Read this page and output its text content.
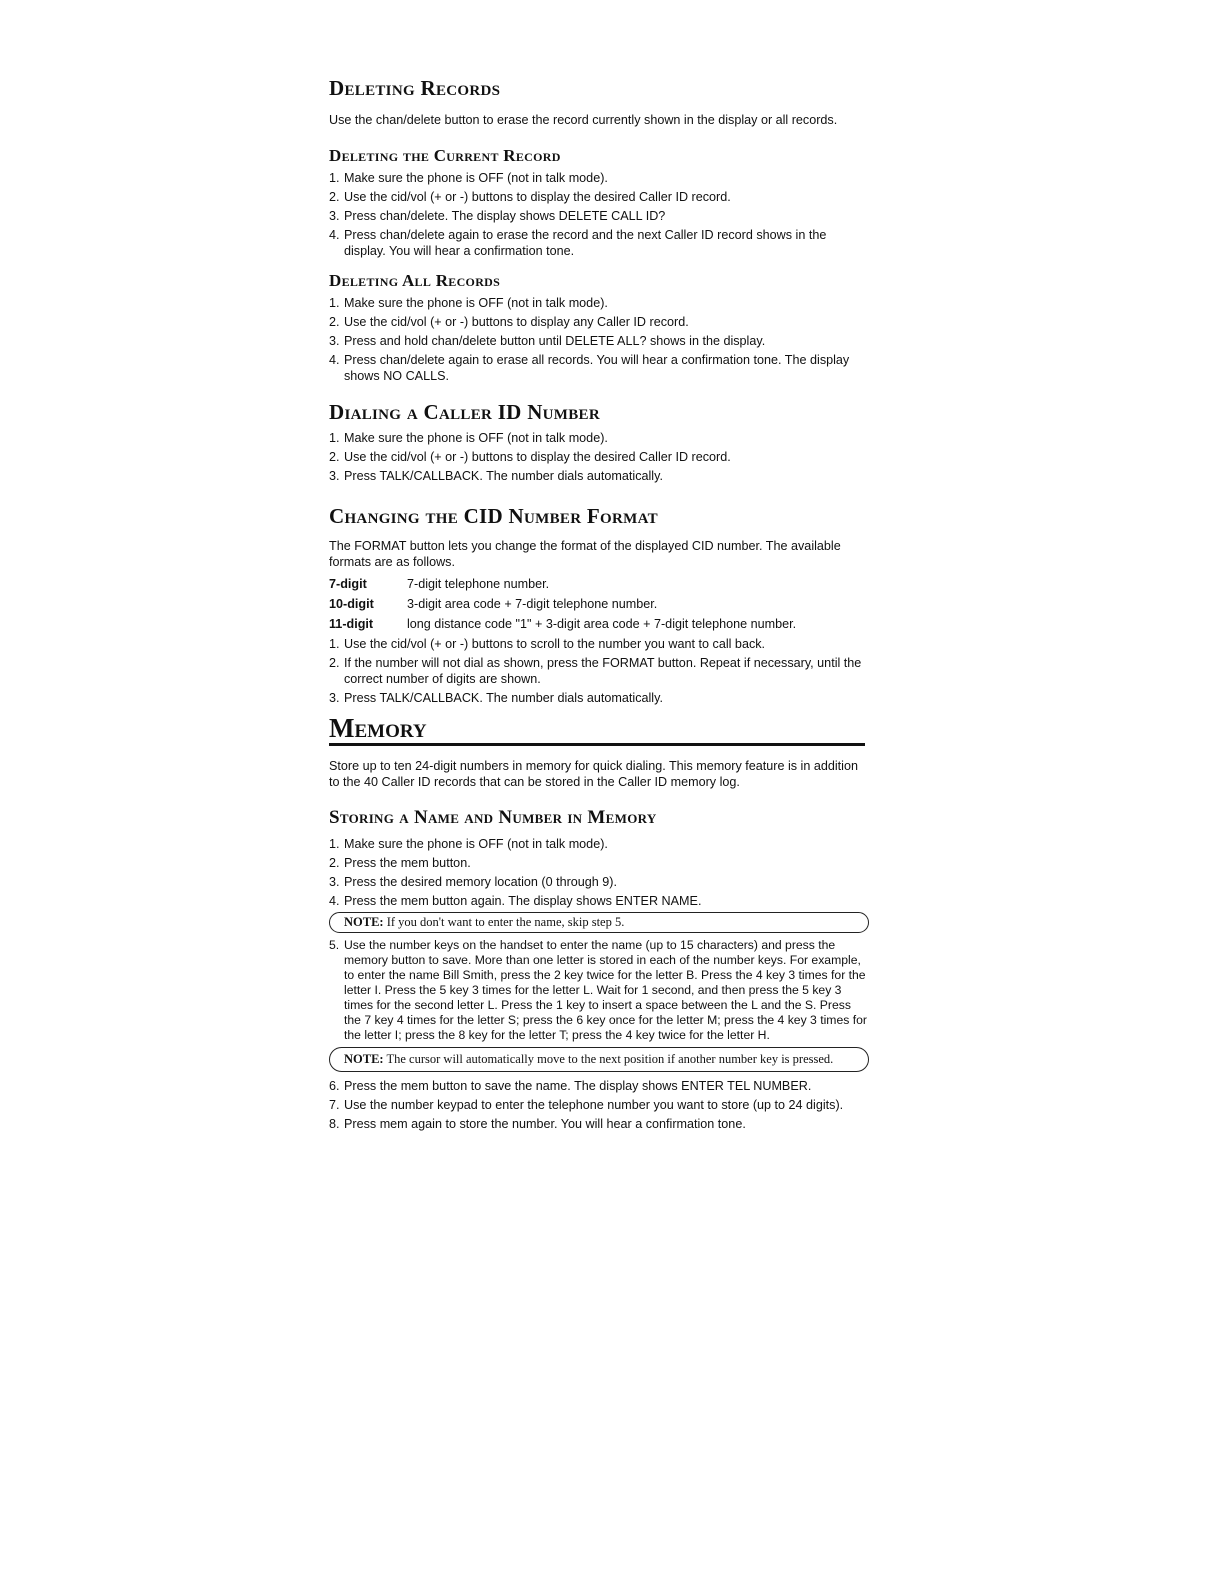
Deleting Records

Use the chan/delete button to erase the record currently shown in the display or all records.

Deleting the Current Record
1. Make sure the phone is OFF (not in talk mode).
2. Use the cid/vol (+ or -) buttons to display the desired Caller ID record.
3. Press chan/delete. The display shows DELETE CALL ID?
4. Press chan/delete again to erase the record and the next Caller ID record shows in the display. You will hear a confirmation tone.
Deleting All Records
1. Make sure the phone is OFF (not in talk mode).
2. Use the cid/vol (+ or -) buttons to display any Caller ID record.
3. Press and hold chan/delete button until DELETE ALL? shows in the display.
4. Press chan/delete again to erase all records. You will hear a confirmation tone. The display shows NO CALLS.
Dialing a Caller ID Number
1. Make sure the phone is OFF (not in talk mode).
2. Use the cid/vol (+ or -) buttons to display the desired Caller ID record.
3. Press TALK/CALLBACK. The number dials automatically.
Changing the CID Number Format

The FORMAT button lets you change the format of the displayed CID number. The available formats are as follows.

7-digit	7-digit telephone number.
10-digit	3-digit area code + 7-digit telephone number.
11-digit	long distance code "1" + 3-digit area code + 7-digit telephone number.
1. Use the cid/vol (+ or -) buttons to scroll to the number you want to call back.
2. If the number will not dial as shown, press the FORMAT button. Repeat if necessary, until the correct number of digits are shown.
3. Press TALK/CALLBACK. The number dials automatically.
Memory

Store up to ten 24-digit numbers in memory for quick dialing. This memory feature is in addition to the 40 Caller ID records that can be stored in the Caller ID memory log.

Storing a Name and Number in Memory
1. Make sure the phone is OFF (not in talk mode).
2. Press the mem button.
3. Press the desired memory location (0 through 9).
4. Press the mem button again. The display shows ENTER NAME.
NOTE: If you don't want to enter the name, skip step 5.
5. Use the number keys on the handset to enter the name (up to 15 characters) and press the memory button to save. More than one letter is stored in each of the number keys. For example, to enter the name Bill Smith, press the 2 key twice for the letter B. Press the 4 key 3 times for the letter I. Press the 5 key 3 times for the letter L. Wait for 1 second, and then press the 5 key 3 times for the second letter L. Press the 1 key to insert a space between the L and the S. Press the 7 key 4 times for the letter S; press the 6 key once for the letter M; press the 4 key 3 times for the letter I; press the 8 key for the letter T; press the 4 key twice for the letter H.
NOTE: The cursor will automatically move to the next position if another number key is pressed.
6. Press the mem button to save the name. The display shows ENTER TEL NUMBER.
7. Use the number keypad to enter the telephone number you want to store (up to 24 digits).
8. Press mem again to store the number. You will hear a confirmation tone.
